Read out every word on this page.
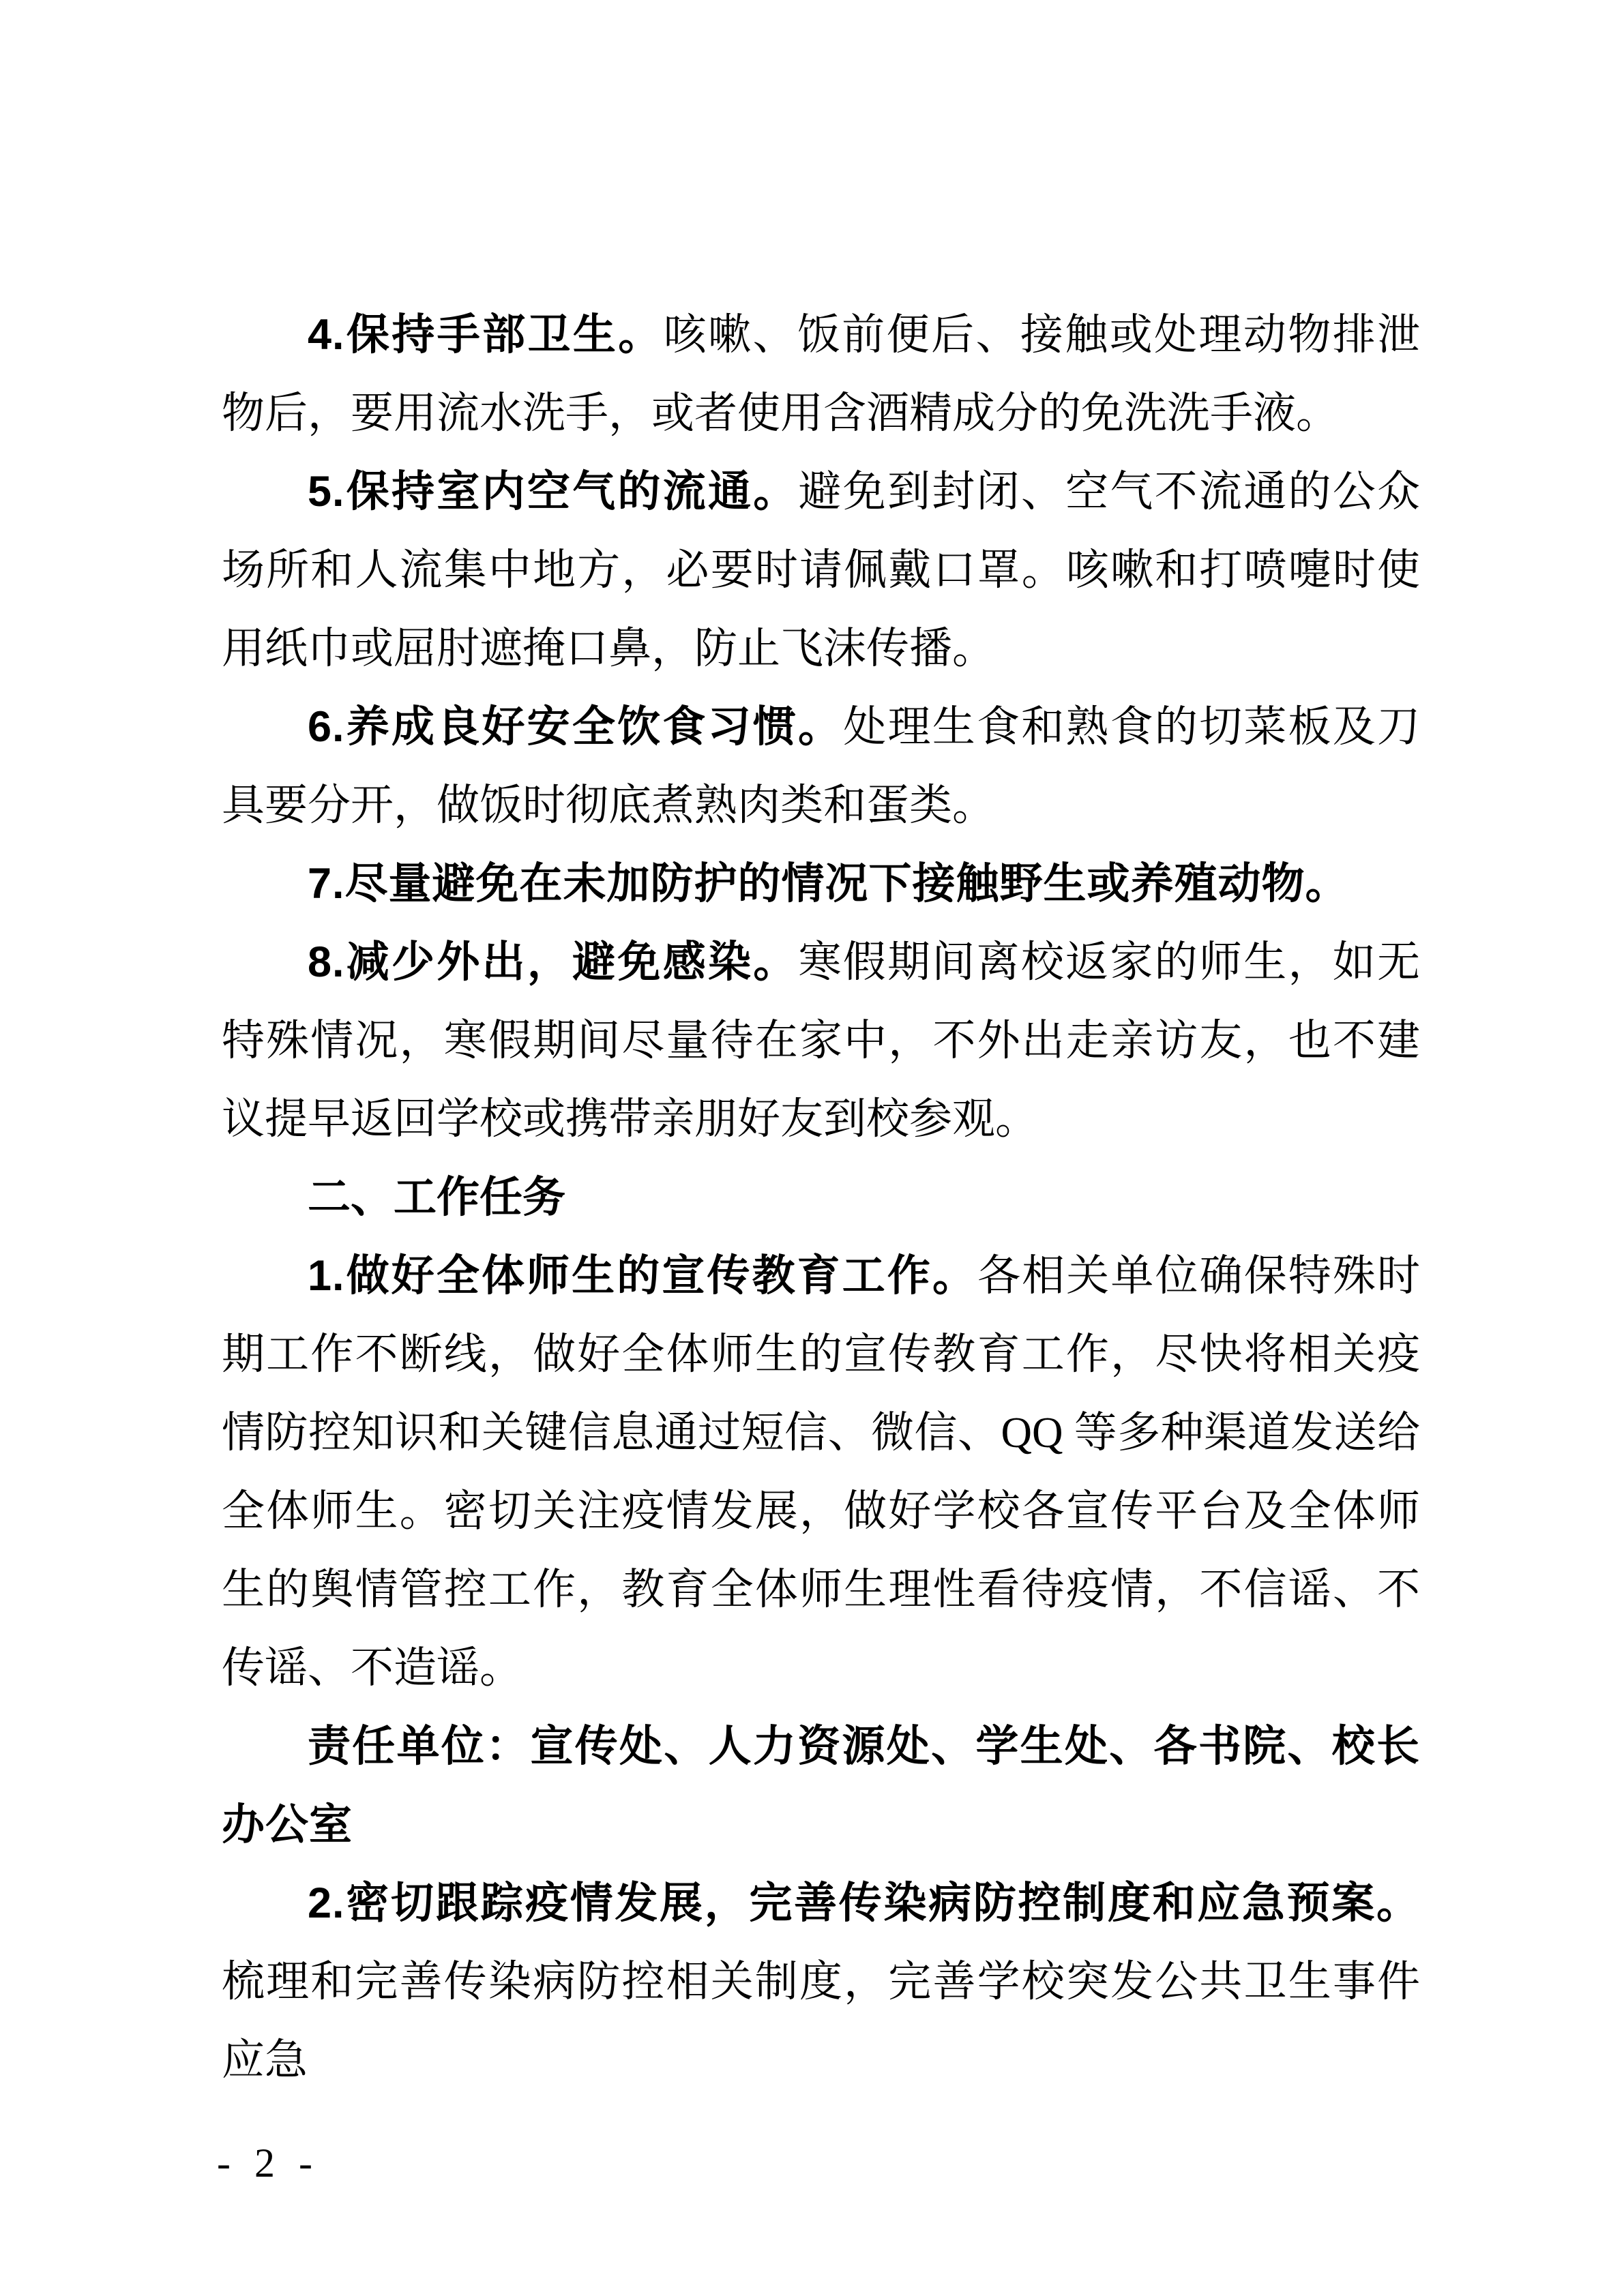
4.保持手部卫生。咳嗽、饭前便后、接触或处理动物排泄物后，要用流水洗手，或者使用含酒精成分的免洗洗手液。

5.保持室内空气的流通。避免到封闭、空气不流通的公众场所和人流集中地方，必要时请佩戴口罩。咳嗽和打喷嚏时使用纸巾或屈肘遮掩口鼻，防止飞沫传播。

6.养成良好安全饮食习惯。处理生食和熟食的切菜板及刀具要分开，做饭时彻底煮熟肉类和蛋类。

7.尽量避免在未加防护的情况下接触野生或养殖动物。

8.减少外出，避免感染。寒假期间离校返家的师生，如无特殊情况，寒假期间尽量待在家中，不外出走亲访友，也不建议提早返回学校或携带亲朋好友到校参观。

二、工作任务

1.做好全体师生的宣传教育工作。各相关单位确保特殊时期工作不断线，做好全体师生的宣传教育工作，尽快将相关疫情防控知识和关键信息通过短信、微信、QQ 等多种渠道发送给全体师生。密切关注疫情发展，做好学校各宣传平台及全体师生的舆情管控工作，教育全体师生理性看待疫情，不信谣、不传谣、不造谣。

责任单位：宣传处、人力资源处、学生处、各书院、校长办公室

2.密切跟踪疫情发展，完善传染病防控制度和应急预案。梳理和完善传染病防控相关制度，完善学校突发公共卫生事件应急

- 2 -
